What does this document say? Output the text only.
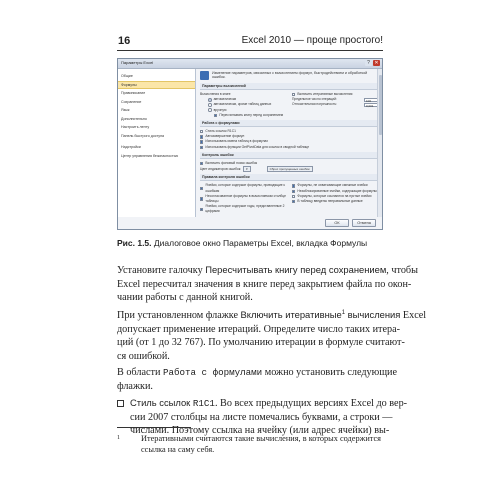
16	Excel 2010 — проще простого!
Параметры Excel	? ✕
Общие
Формулы
Правописание
Сохранение
Язык
Дополнительно
Настроить ленту
Панель быстрого доступа
Надстройки
Центр управления безопасностью
Изменение параметров, связанных с вычислением формул, быстродействием и обработкой ошибок.
Параметры вычислений
Вычисления в книге
автоматически
автоматически, кроме таблиц данных
вручную
Пересчитывать книгу перед сохранением
Включить итеративные вычисления
Предельное число итераций:	100
Относительная погрешность:	0,001
Работа с формулами
Стиль ссылок R1C1
Автозавершение формул
Использовать имена таблиц в формулах
Использовать функции GetPivotData для ссылок в сводной таблице
Контроль ошибок
Включить фоновый поиск ошибок
Цвет индикаторов ошибок:	▾	Сброс пропущенных ошибок
Правила контроля ошибок
Ячейки, которые содержат формулы, приводящие к ошибкам
Несогласованное формулы в вычисляемом столбце таблицы
Ячейки, которые содержат годы, представленные 2 цифрами
Формулы, не охватывающие смежные ячейки
Незаблокированные ячейки, содержащие формулы
Формулы, которые ссылаются на пустые ячейки
В таблицу введены неправильные данные
ОК	Отмена
Рис. 1.5. Диалоговое окно Параметры Excel, вкладка Формулы
Установите галочку Пересчитывать книгу перед сохранением, чтобы
Excel пересчитал значения в книге перед закрытием файла по окон-
чании работы с данной книгой.
При установленном флажке Включить итеративные$^1$ вычисления Excel
допускает применение итераций. Определите число таких итера-
ций (от 1 до 32 767). По умолчанию итерации в формуле считают-
ся ошибкой.
В области Работа с формулами можно установить следующие
флажки.
Стиль ссылок R1C1. Во всех предыдущих версиях Excel до вер-
сии 2007 столбцы на листе помечались буквами, а строки —
числами. Поэтому ссылка на ячейку (или адрес ячейки) вы-
1	Итеративными считаются такие вычисления, в которых содержится
ссылка на саму себя.
